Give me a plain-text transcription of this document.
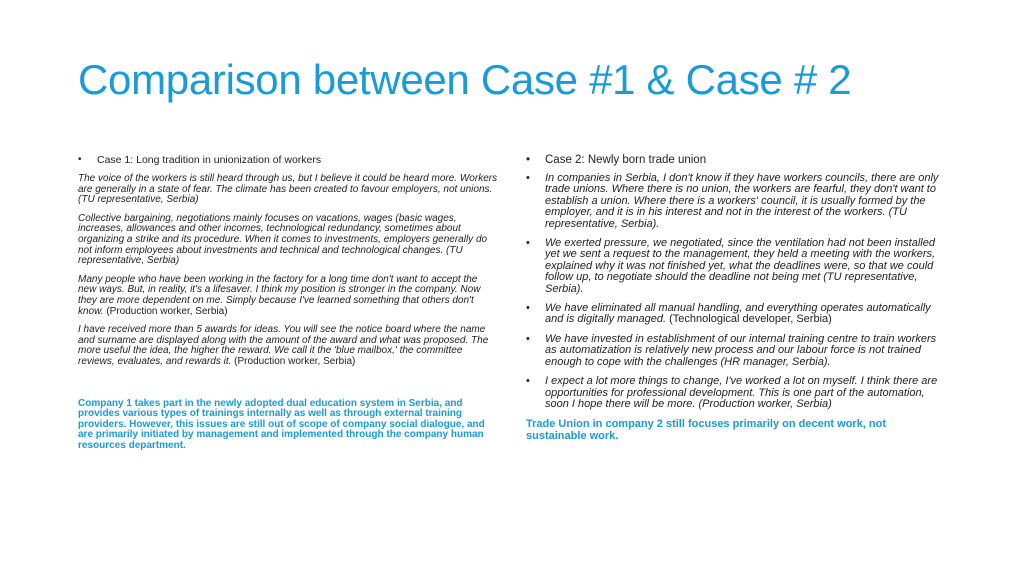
Comparison between Case #1 & Case # 2
•	Case 1: Long tradition in unionization of workers
The voice of the workers is still heard through us, but I believe it could be heard more. Workers are generally in a state of fear. The climate has been created to favour employers, not unions. (TU representative, Serbia)
Collective bargaining, negotiations mainly focuses on vacations, wages (basic wages, increases, allowances and other incomes, technological redundancy, sometimes about organizing a strike and its procedure. When it comes to investments, employers generally do not inform employees about investments and technical and technological changes. (TU representative, Serbia)
Many people who have been working in the factory for a long time don't want to accept the new ways. But, in reality, it's a lifesaver. I think my position is stronger in the company. Now they are more dependent on me. Simply because I've learned something that others don't know. (Production worker, Serbia)
I have received more than 5 awards for ideas. You will see the notice board where the name and surname are displayed along with the amount of the award and what was proposed. The more useful the idea, the higher the reward. We call it the 'blue mailbox,' the committee reviews, evaluates, and rewards it. (Production worker, Serbia)
Company 1 takes part in the newly adopted dual education system in Serbia, and provides various types of trainings internally as well as through external training providers. However, this issues are still out of scope of company social dialogue, and are primarily initiated by management and implemented through the company human resources department.
•	Case 2: Newly born trade union
•	In companies in Serbia, I don't know if they have workers councils, there are only trade unions. Where there is no union, the workers are fearful, they don't want to establish a union. Where there is a workers' council, it is usually formed by the employer, and it is in his interest and not in the interest of the workers. (TU representative, Serbia).
•	We exerted pressure, we negotiated, since the ventilation had not been installed yet we sent a request to the management, they held a meeting with the workers, explained why it was not finished yet, what the deadlines were, so that we could follow up, to negotiate should the deadline not being met (TU representative, Serbia).
•	We have eliminated all manual handling, and everything operates automatically and is digitally managed. (Technological developer, Serbia)
•	We have invested in establishment of our internal training centre to train workers as automatization is relatively new process and our labour force is not trained enough to cope with the challenges (HR manager, Serbia).
•	I expect a lot more things to change, I've worked a lot on myself. I think there are opportunities for professional development. This is one part of the automation, soon I hope there will be more. (Production worker, Serbia)
Trade Union in company 2 still focuses primarily on decent work, not sustainable work.
